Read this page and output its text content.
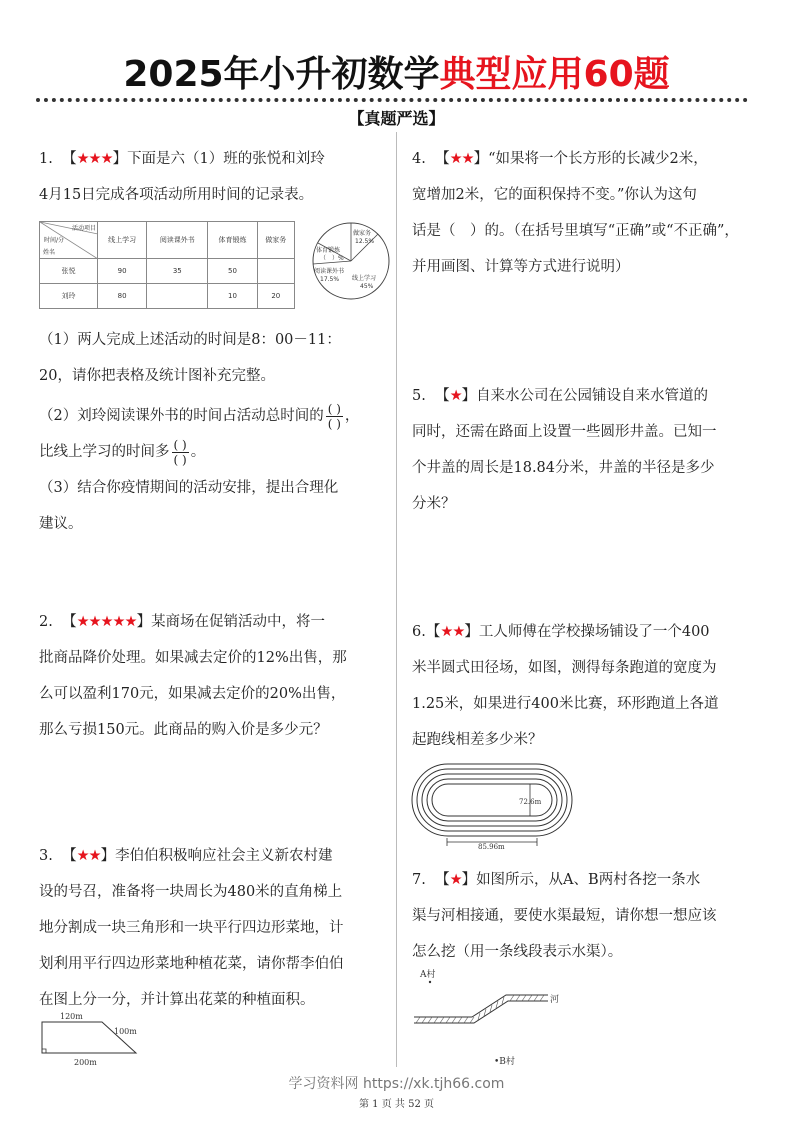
2025年小升初数学典型应用60题
【真题严选】

1. 【★★★】下面是六（1）班的张悦和刘玲

4月15日完成各项活动所用时间的记录表。

活动项目
时间/分
姓名	线上学习	阅读课外书	体育锻炼	做家务
张悦	90	35	50	
刘玲	80		10	20
做家务
12.5%
体育锻炼
（　）%
阅读课外书
17.5% 线上学习
45%

（1）两人完成上述活动的时间是8：00－11：

20，请你把表格及统计图补充完整。

（2）刘玲阅读课外书的时间占活动总时间的 $\frac{( )}{( )}$ ，

比线上学习的时间多 $\frac{( )}{( )}$ 。

（3）结合你疫情期间的活动安排，提出合理化

建议。

2. 【★★★★★】某商场在促销活动中，将一

批商品降价处理。如果减去定价的12%出售，那

么可以盈利170元，如果减去定价的20%出售，

那么亏损150元。此商品的购入价是多少元？

3. 【★★】李伯伯积极响应社会主义新农村建

设的号召，准备将一块周长为480米的直角梯上

地分割成一块三角形和一块平行四边形菜地，计

划利用平行四边形菜地种植花菜，请你帮李伯伯

在图上分一分，并计算出花菜的种植面积。

120m
100m
200m

4. 【★★】“如果将一个长方形的长减少2米，

宽增加2米，它的面积保持不变。”你认为这句

话是（　）的。（在括号里填写“正确”或“不正确”，

并用画图、计算等方式进行说明）

5. 【★】自来水公司在公园铺设自来水管道的

同时，还需在路面上设置一些圆形井盖。已知一

个井盖的周长是18.84分米，井盖的半径是多少

分米？

6.【★★】工人师傅在学校操场铺设了一个400

米半圆式田径场，如图，测得每条跑道的宽度为

1.25米，如果进行400米比赛，环形跑道上各道

起跑线相差多少米？

72.6m
85.96m

7. 【★】如图所示，从A、B两村各挖一条水

渠与河相接通，要使水渠最短，请你想一想应该

怎么挖（用一条线段表示水渠）。

A村
河
•B村
学习资料网 https://xk.tjh66.com
第 1 页 共 52 页
